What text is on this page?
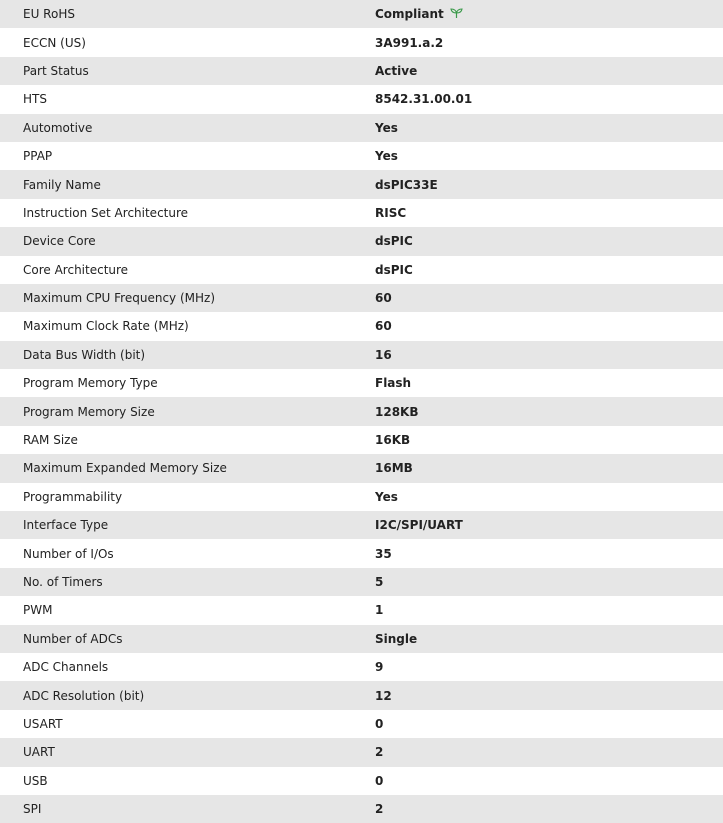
EU RoHS	Compliant
ECCN (US)	3A991.a.2
Part Status	Active
HTS	8542.31.00.01
Automotive	Yes
PPAP	Yes
Family Name	dsPIC33E
Instruction Set Architecture	RISC
Device Core	dsPIC
Core Architecture	dsPIC
Maximum CPU Frequency (MHz)	60
Maximum Clock Rate (MHz)	60
Data Bus Width (bit)	16
Program Memory Type	Flash
Program Memory Size	128KB
RAM Size	16KB
Maximum Expanded Memory Size	16MB
Programmability	Yes
Interface Type	I2C/SPI/UART
Number of I/Os	35
No. of Timers	5
PWM	1
Number of ADCs	Single
ADC Channels	9
ADC Resolution (bit)	12
USART	0
UART	2
USB	0
SPI	2
